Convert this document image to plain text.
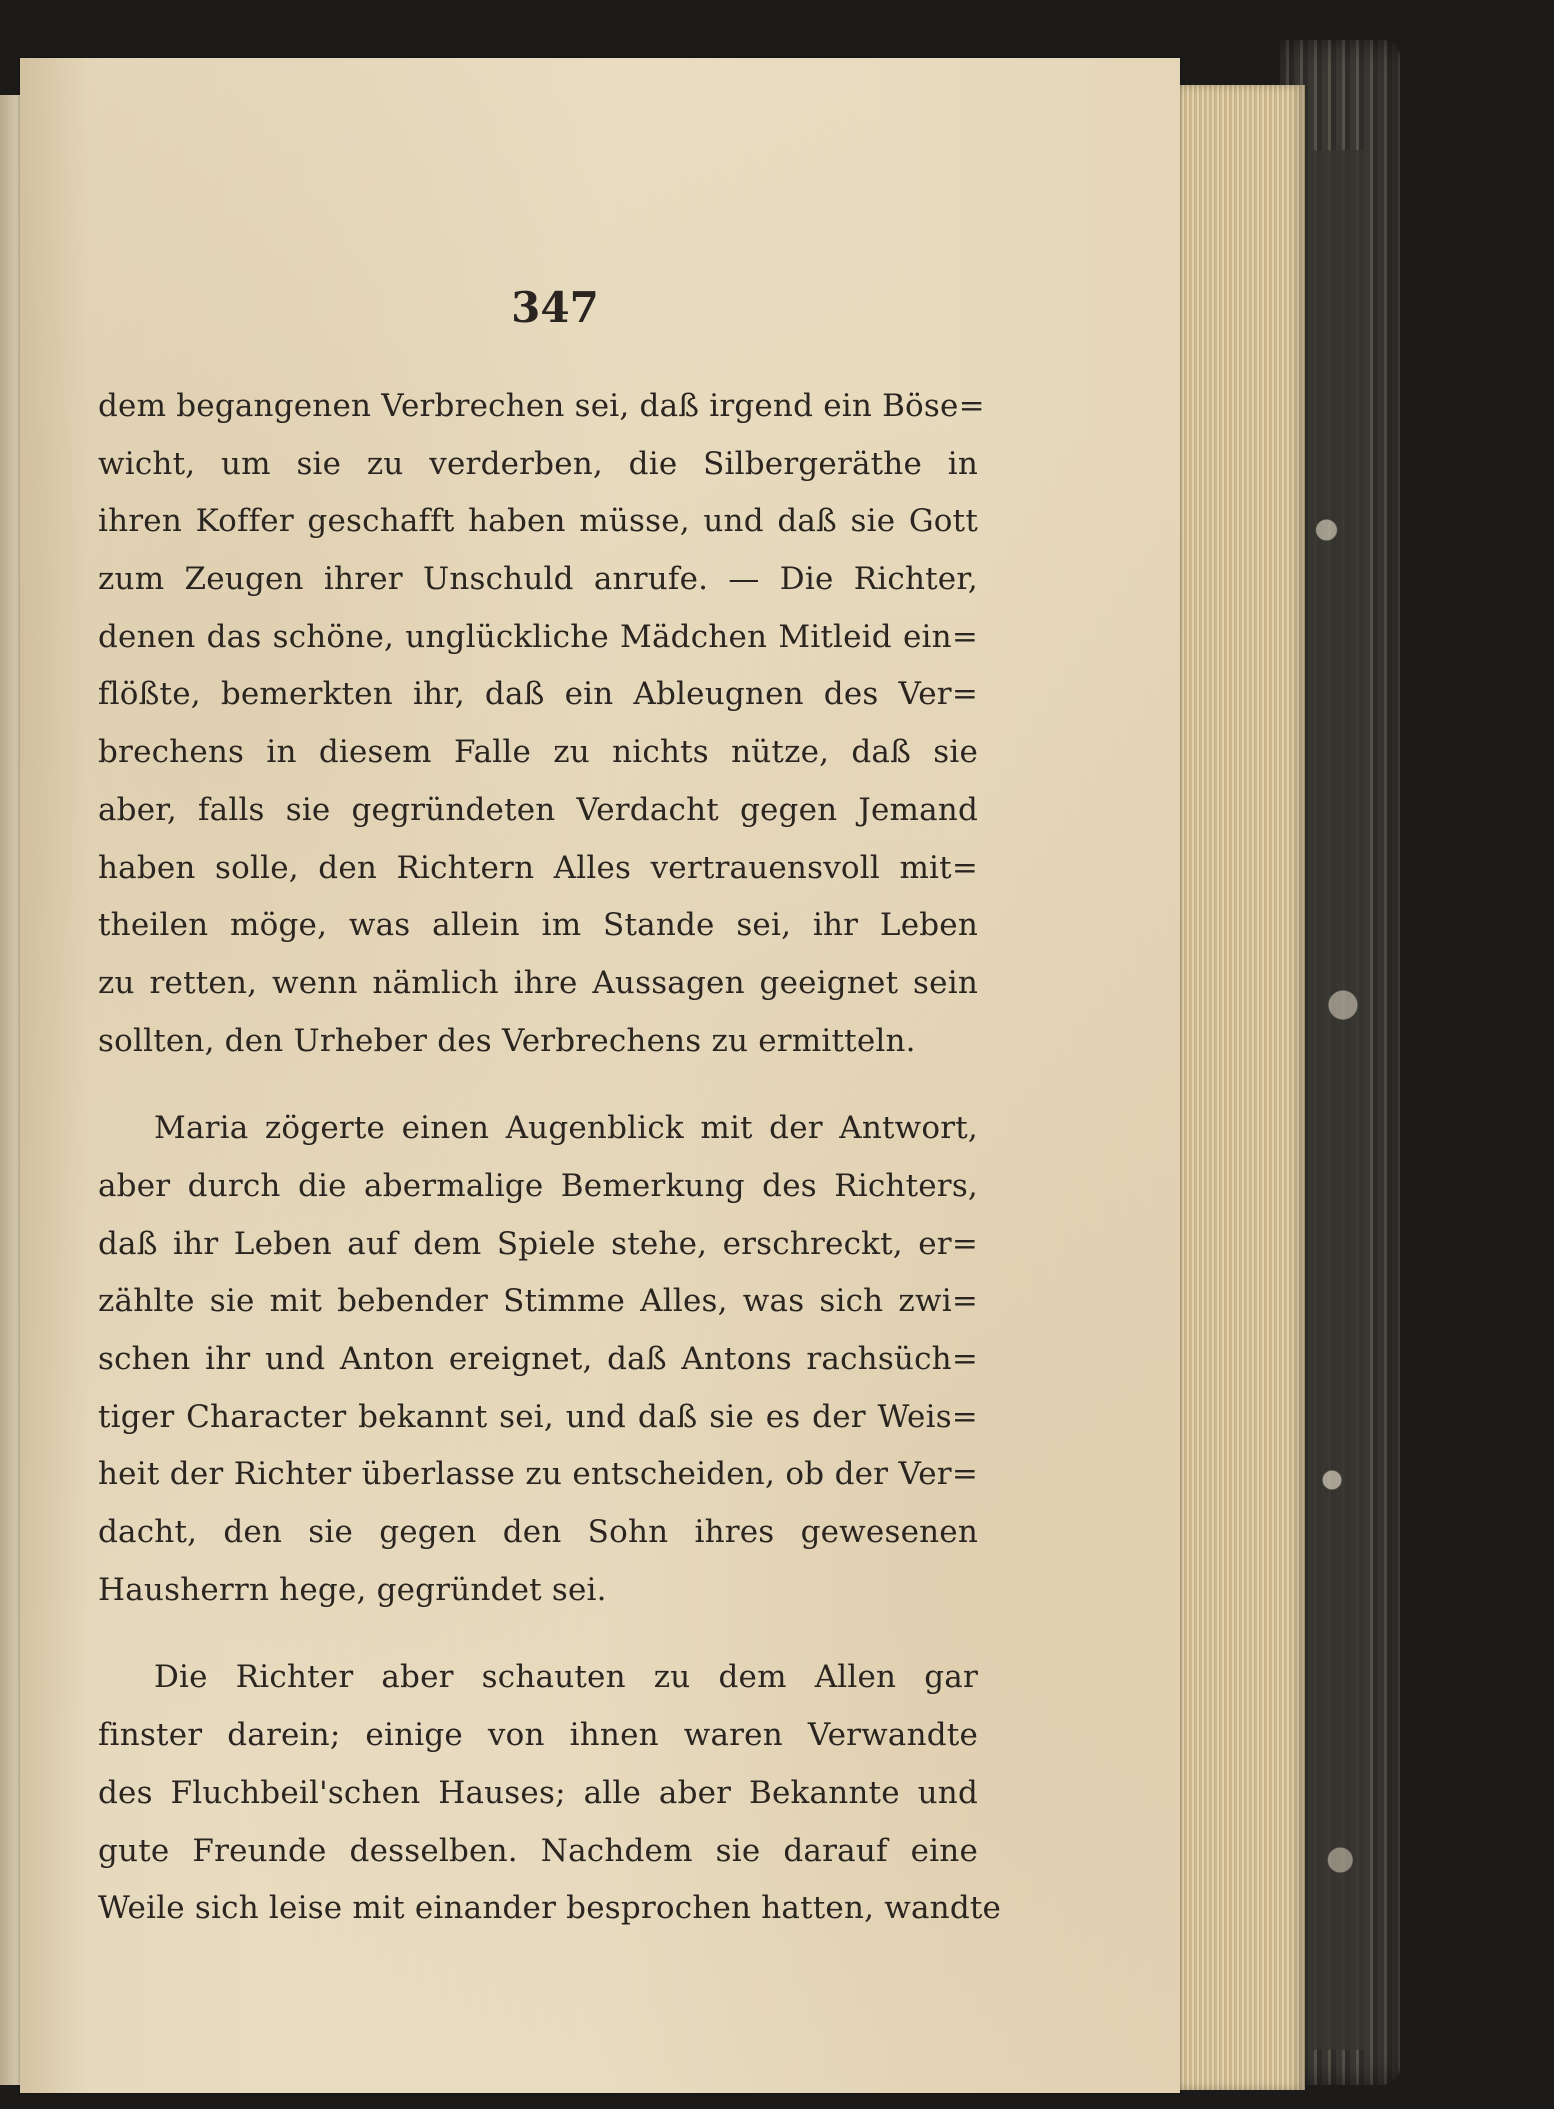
347
dem begangenen Verbrechen sei, daß irgend ein Böse=
wicht, um sie zu verderben, die Silbergeräthe in
ihren Koffer geschafft haben müsse, und daß sie Gott
zum Zeugen ihrer Unschuld anrufe. — Die Richter,
denen das schöne, unglückliche Mädchen Mitleid ein=
flößte, bemerkten ihr, daß ein Ableugnen des Ver=
brechens in diesem Falle zu nichts nütze, daß sie
aber, falls sie gegründeten Verdacht gegen Jemand
haben solle, den Richtern Alles vertrauensvoll mit=
theilen möge, was allein im Stande sei, ihr Leben
zu retten, wenn nämlich ihre Aussagen geeignet sein
sollten, den Urheber des Verbrechens zu ermitteln.
Maria zögerte einen Augenblick mit der Antwort,
aber durch die abermalige Bemerkung des Richters,
daß ihr Leben auf dem Spiele stehe, erschreckt, er=
zählte sie mit bebender Stimme Alles, was sich zwi=
schen ihr und Anton ereignet, daß Antons rachsüch=
tiger Character bekannt sei, und daß sie es der Weis=
heit der Richter überlasse zu entscheiden, ob der Ver=
dacht, den sie gegen den Sohn ihres gewesenen
Hausherrn hege, gegründet sei.
Die Richter aber schauten zu dem Allen gar
finster darein; einige von ihnen waren Verwandte
des Fluchbeil'schen Hauses; alle aber Bekannte und
gute Freunde desselben. Nachdem sie darauf eine
Weile sich leise mit einander besprochen hatten, wandte
